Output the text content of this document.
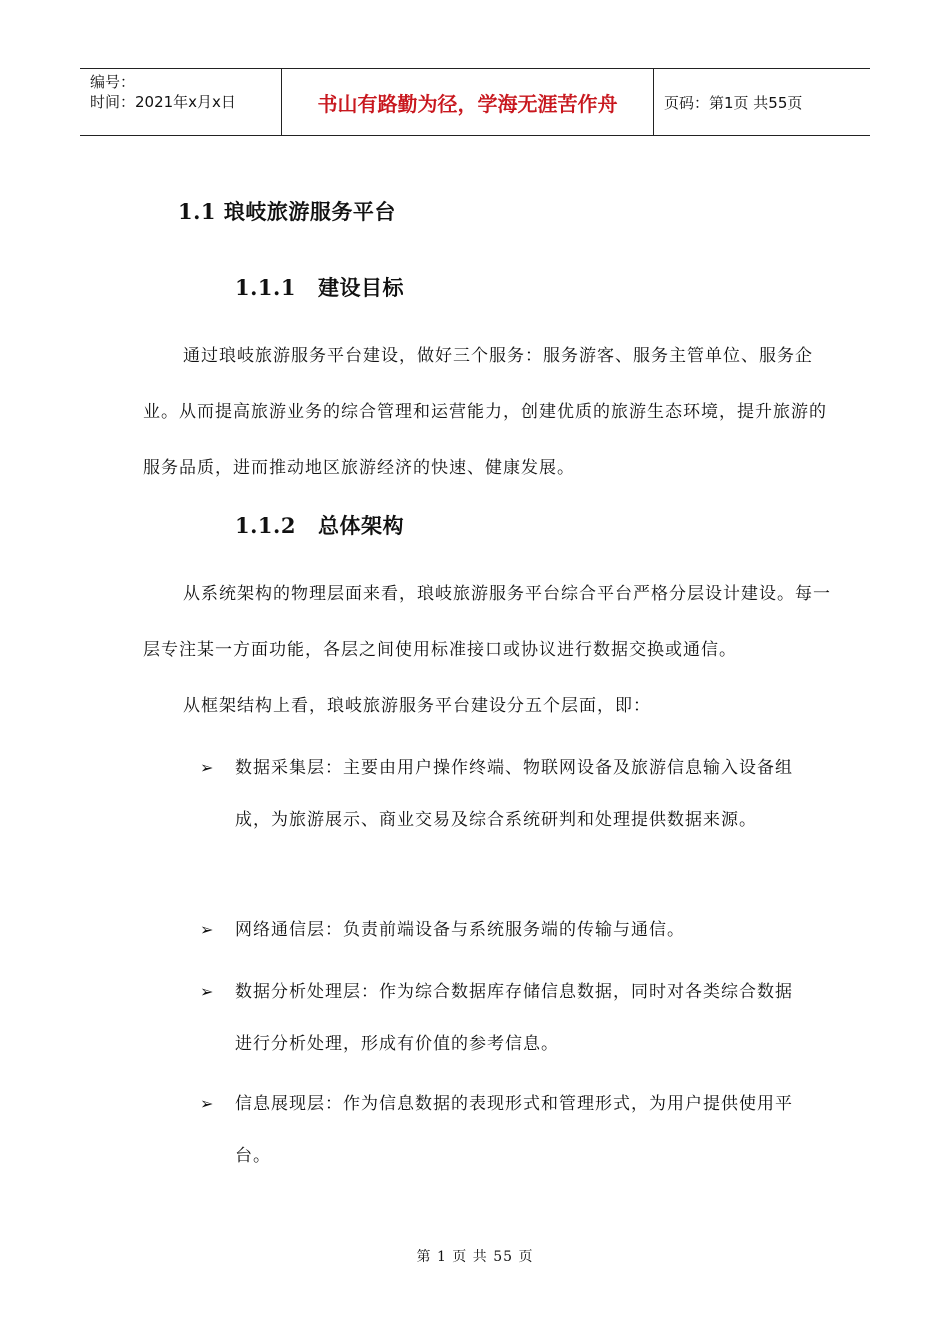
编号：
时间：2021年x月x日	书山有路勤为径，学海无涯苦作舟	页码：第1页 共55页
1.1 琅岐旅游服务平台
1.1.1 建设目标
通过琅岐旅游服务平台建设，做好三个服务：服务游客、服务主管单位、服务企业。从而提高旅游业务的综合管理和运营能力，创建优质的旅游生态环境，提升旅游的服务品质，进而推动地区旅游经济的快速、健康发展。
1.1.2 总体架构
从系统架构的物理层面来看，琅岐旅游服务平台综合平台严格分层设计建设。每一层专注某一方面功能，各层之间使用标准接口或协议进行数据交换或通信。
从框架结构上看，琅岐旅游服务平台建设分五个层面，即：
➢ 数据采集层：主要由用户操作终端、物联网设备及旅游信息输入设备组成，为旅游展示、商业交易及综合系统研判和处理提供数据来源。
➢ 网络通信层：负责前端设备与系统服务端的传输与通信。
➢ 数据分析处理层：作为综合数据库存储信息数据，同时对各类综合数据进行分析处理，形成有价值的参考信息。
➢ 信息展现层：作为信息数据的表现形式和管理形式，为用户提供使用平台。
第 1 页 共 55 页
